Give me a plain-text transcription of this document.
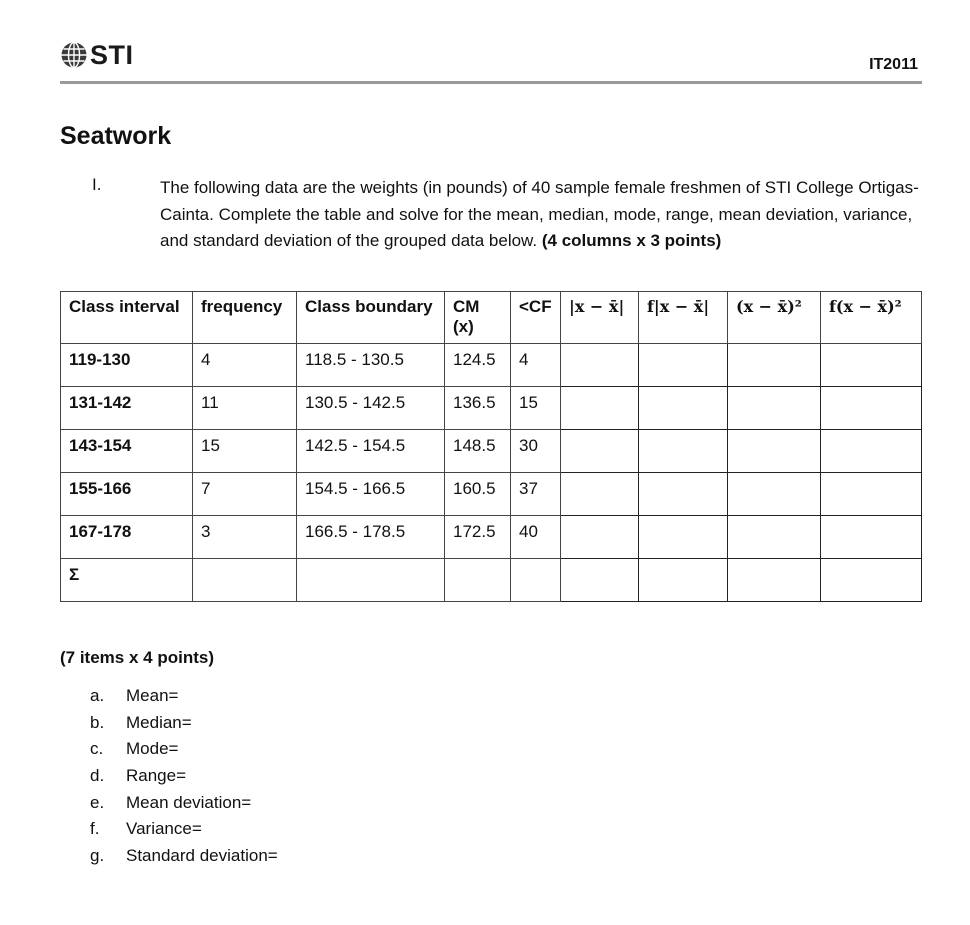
STI	IT2011
Seatwork
I.	The following data are the weights (in pounds) of 40 sample female freshmen of STI College Ortigas-Cainta. Complete the table and solve for the mean, median, mode, range, mean deviation, variance, and standard deviation of the grouped data below. (4 columns x 3 points)
Class interval	frequency	Class boundary	CM (x)	<CF	|x − x̄|	f|x − x̄|	(x − x̄)²	f(x − x̄)²
119-130	4	118.5 - 130.5	124.5	4				
131-142	11	130.5 - 142.5	136.5	15				
143-154	15	142.5 - 154.5	148.5	30				
155-166	7	154.5 - 166.5	160.5	37				
167-178	3	166.5 - 178.5	172.5	40				
Σ								
(7 items x 4 points)
a.	Mean=
b.	Median=
c.	Mode=
d.	Range=
e.	Mean deviation=
f.	Variance=
g.	Standard deviation=
